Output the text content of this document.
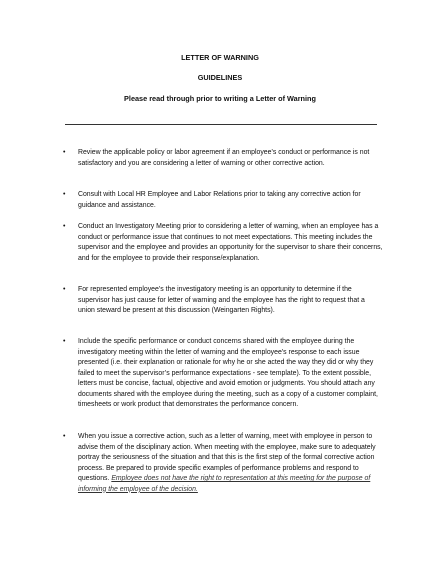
LETTER OF WARNING
GUIDELINES
Please read through prior to writing a Letter of Warning
• Review the applicable policy or labor agreement if an employee’s conduct or performance is not satisfactory and you are considering a letter of warning or other corrective action.
• Consult with Local HR Employee and Labor Relations prior to taking any corrective action for guidance and assistance.
• Conduct an Investigatory Meeting prior to considering a letter of warning, when an employee has a conduct or performance issue that continues to not meet expectations. This meeting includes the supervisor and the employee and provides an opportunity for the supervisor to share their concerns, and for the employee to provide their response/explanation.
• For represented employee’s the investigatory meeting is an opportunity to determine if the supervisor has just cause for letter of warning and the employee has the right to request that a union steward be present at this discussion (Weingarten Rights).
• Include the specific performance or conduct concerns shared with the employee during the investigatory meeting within the letter of warning and the employee’s response to each issue presented (i.e. their explanation or rationale for why he or she acted the way they did or why they failed to meet the supervisor’s performance expectations - see template). To the extent possible, letters must be concise, factual, objective and avoid emotion or judgments. You should attach any documents shared with the employee during the meeting, such as a copy of a customer complaint, timesheets or work product that demonstrates the performance concern.
• When you issue a corrective action, such as a letter of warning, meet with employee in person to advise them of the disciplinary action. When meeting with the employee, make sure to adequately portray the seriousness of the situation and that this is the first step of the formal corrective action process. Be prepared to provide specific examples of performance problems and respond to questions. Employee does not have the right to representation at this meeting for the purpose of informing the employee of the decision.
